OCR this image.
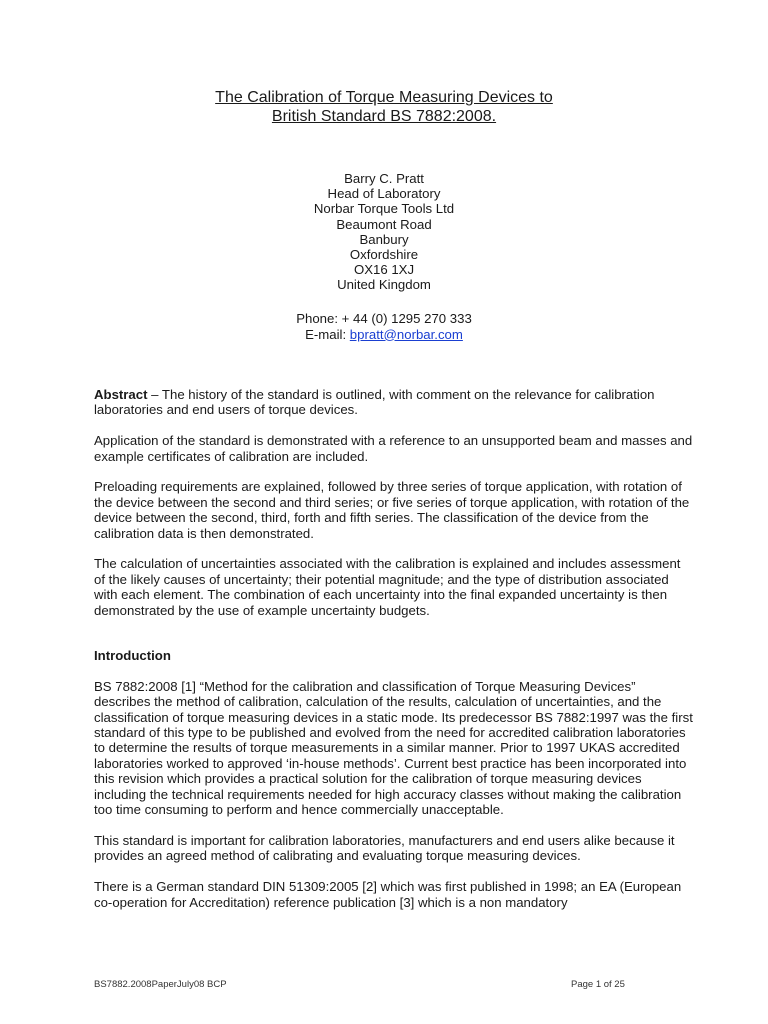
The Calibration of Torque Measuring Devices to
British Standard BS 7882:2008.
Barry C. Pratt
Head of Laboratory
Norbar Torque Tools Ltd
Beaumont Road
Banbury
Oxfordshire
OX16 1XJ
United Kingdom
Phone: + 44 (0) 1295 270 333
E-mail: bpratt@norbar.com

Abstract – The history of the standard is outlined, with comment on the relevance for calibration laboratories and end users of torque devices.

Application of the standard is demonstrated with a reference to an unsupported beam and masses and example certificates of calibration are included.

Preloading requirements are explained, followed by three series of torque application, with rotation of the device between the second and third series; or five series of torque application, with rotation of the device between the second, third, forth and fifth series. The classification of the device from the calibration data is then demonstrated.

The calculation of uncertainties associated with the calibration is explained and includes assessment of the likely causes of uncertainty; their potential magnitude; and the type of distribution associated with each element. The combination of each uncertainty into the final expanded uncertainty is then demonstrated by the use of example uncertainty budgets.

Introduction

BS 7882:2008 [1] “Method for the calibration and classification of Torque Measuring Devices” describes the method of calibration, calculation of the results, calculation of uncertainties, and the classification of torque measuring devices in a static mode. Its predecessor BS 7882:1997 was the first standard of this type to be published and evolved from the need for accredited calibration laboratories to determine the results of torque measurements in a similar manner. Prior to 1997 UKAS accredited laboratories worked to approved ‘in-house methods’. Current best practice has been incorporated into this revision which provides a practical solution for the calibration of torque measuring devices including the technical requirements needed for high accuracy classes without making the calibration too time consuming to perform and hence commercially unacceptable.

This standard is important for calibration laboratories, manufacturers and end users alike because it provides an agreed method of calibrating and evaluating torque measuring devices.

There is a German standard DIN 51309:2005 [2] which was first published in 1998; an EA (European co-operation for Accreditation) reference publication [3] which is a non mandatory

BS7882.2008PaperJuly08 BCP	Page 1 of 25
